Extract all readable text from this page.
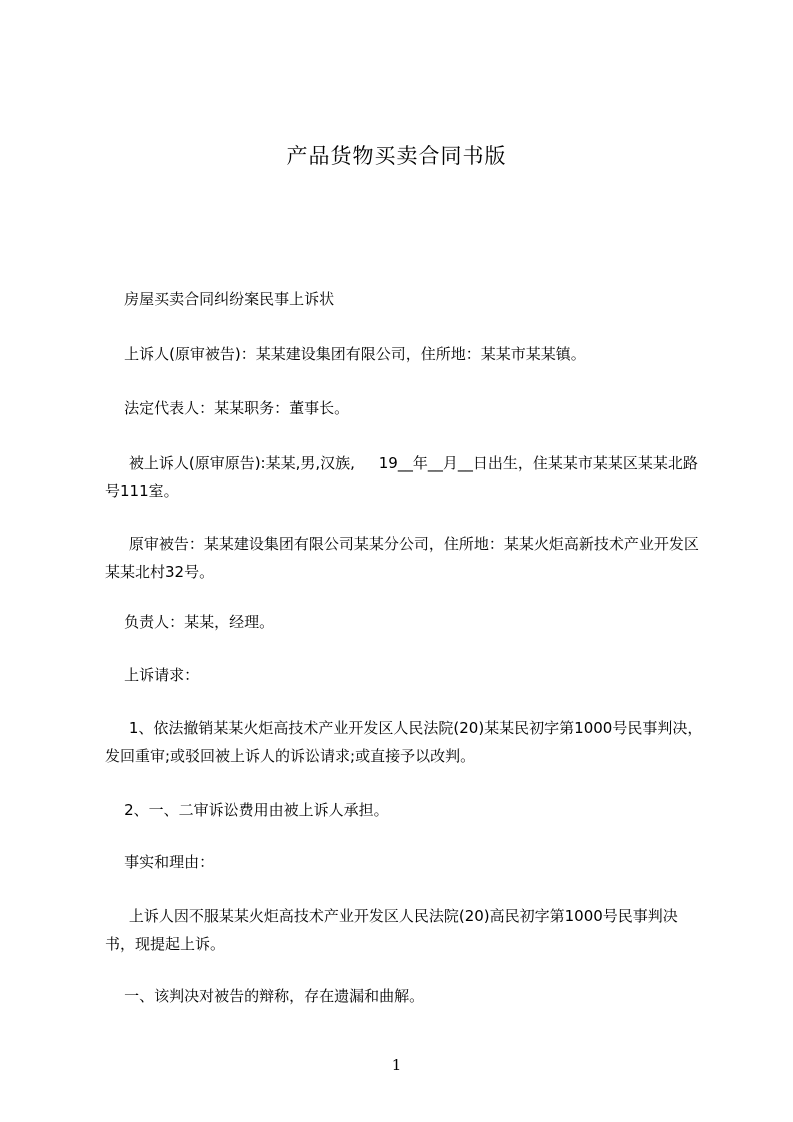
产品货物买卖合同书版
房屋买卖合同纠纷案民事上诉状
上诉人(原审被告)：某某建设集团有限公司，住所地：某某市某某镇。
法定代表人：某某职务：董事长。
被上诉人(原审原告):某某,男,汉族,     19__年__月__日出生，住某某市某某区某某北路号111室。
原审被告：某某建设集团有限公司某某分公司，住所地：某某火炬高新技术产业开发区某某北村32号。
负责人：某某，经理。
上诉请求：
1、依法撤销某某火炬高技术产业开发区人民法院(20)某某民初字第1000号民事判决，发回重审;或驳回被上诉人的诉讼请求;或直接予以改判。
2、一、二审诉讼费用由被上诉人承担。
事实和理由：
上诉人因不服某某火炬高技术产业开发区人民法院(20)高民初字第1000号民事判决书，现提起上诉。
一、该判决对被告的辩称，存在遗漏和曲解。
1
